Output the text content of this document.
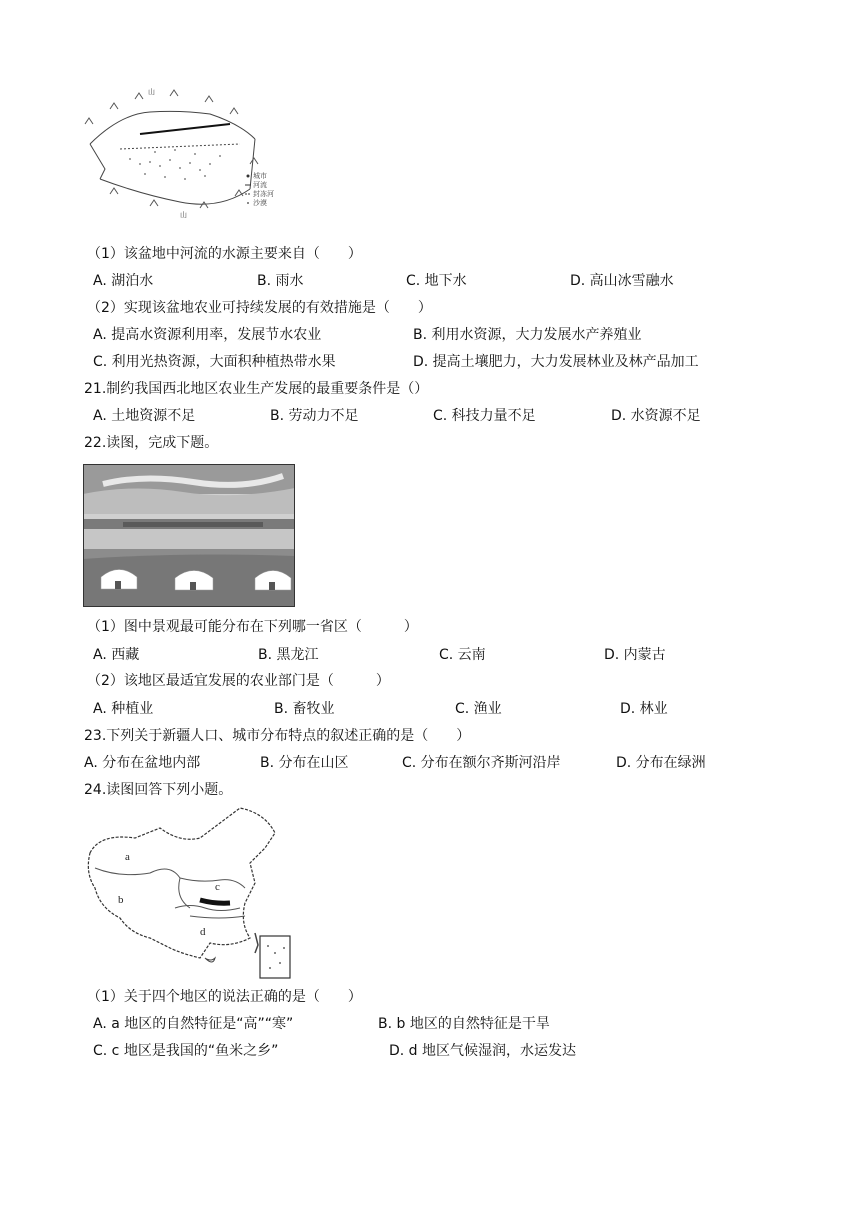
山
山
城市
河流
封冻河
沙漠
（1）该盆地中河流的水源主要来自（　　）
A. 湖泊水	B. 雨水	C. 地下水	D. 高山冰雪融水
（2）实现该盆地农业可持续发展的有效措施是（　　）
A. 提高水资源利用率，发展节水农业	B. 利用水资源，大力发展水产养殖业
C. 利用光热资源，大面积种植热带水果	D. 提高土壤肥力，大力发展林业及林产品加工
21.制约我国西北地区农业生产发展的最重要条件是（）
A. 土地资源不足	B. 劳动力不足	C. 科技力量不足	D. 水资源不足
22.读图，完成下题。
（1）图中景观最可能分布在下列哪一省区（　　　）
A. 西藏	B. 黑龙江	C. 云南	D. 内蒙古
（2）该地区最适宜发展的农业部门是（　　　）
A. 种植业	B. 畜牧业	C. 渔业	D. 林业
23.下列关于新疆人口、城市分布特点的叙述正确的是（　　）
A. 分布在盆地内部	B. 分布在山区	C. 分布在额尔齐斯河沿岸	D. 分布在绿洲
24.读图回答下列小题。
a
b
c
d
（1）关于四个地区的说法正确的是（　　）
A. a 地区的自然特征是“高”“寒”	B. b 地区的自然特征是干旱
C. c 地区是我国的“鱼米之乡”	D. d 地区气候湿润，水运发达
